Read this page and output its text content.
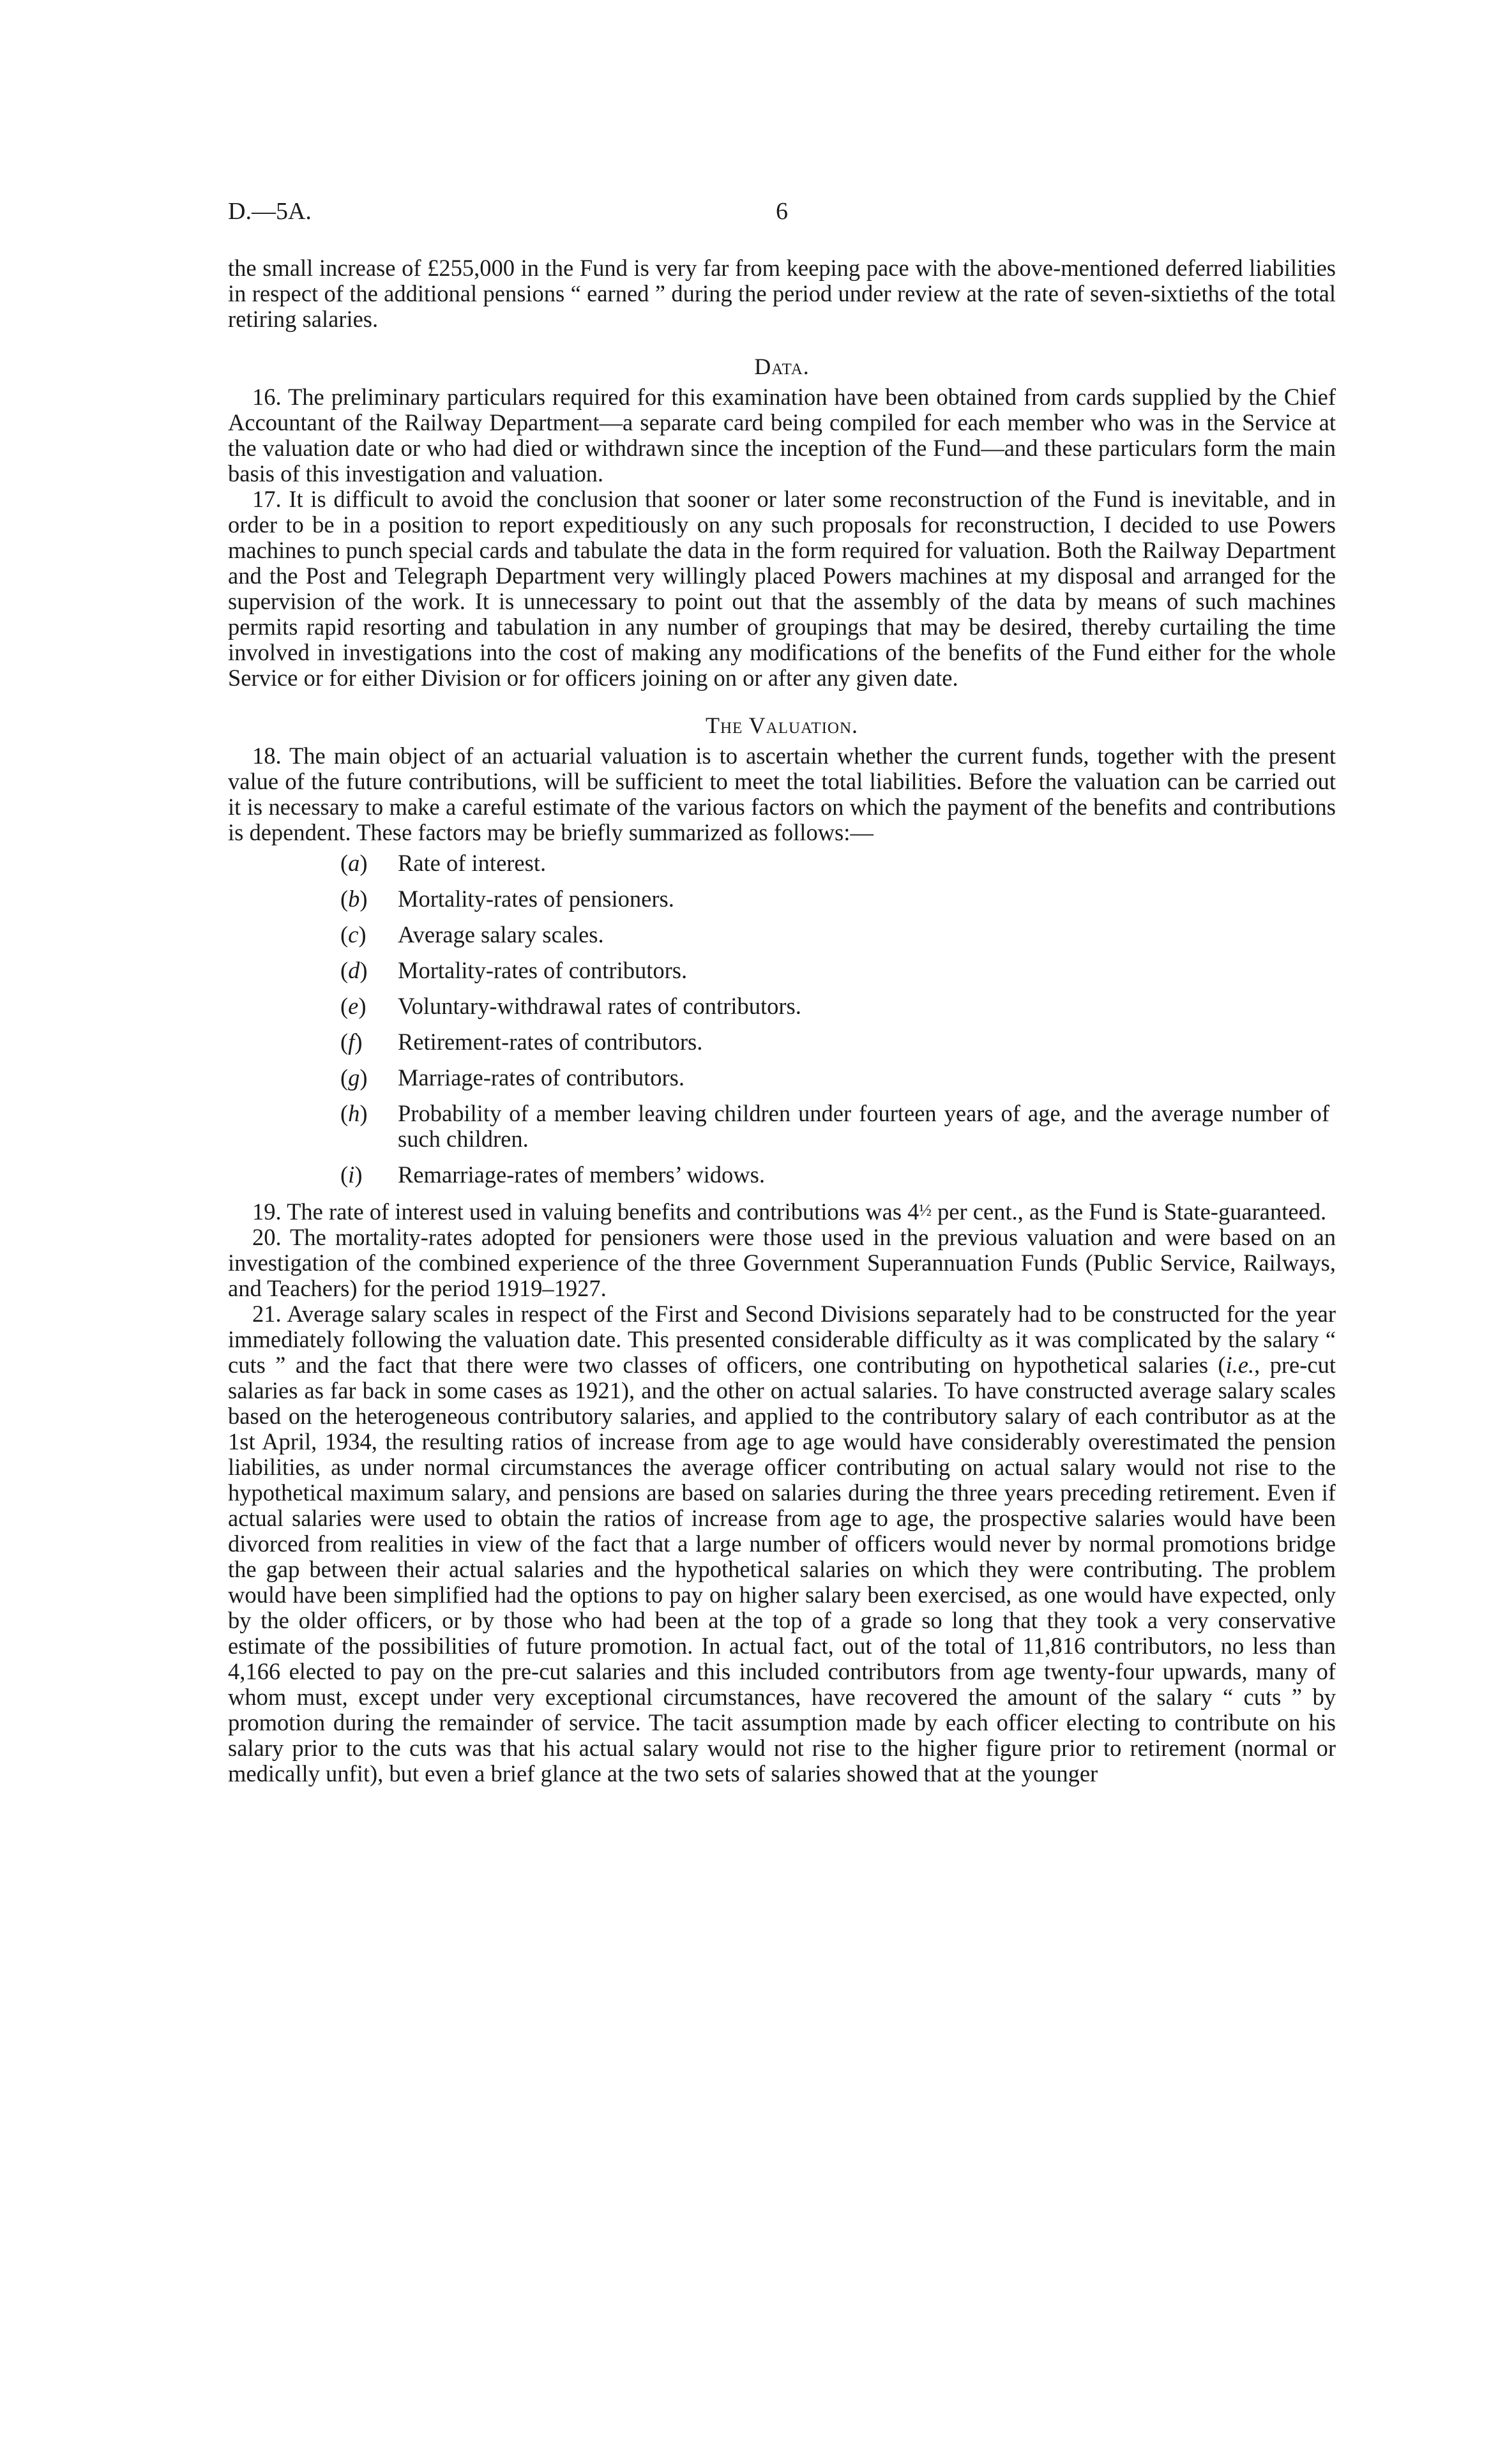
D.—5A.	6

the small increase of £255,000 in the Fund is very far from keeping pace with the above-mentioned deferred liabilities in respect of the additional pensions “ earned ” during the period under review at the rate of seven-sixtieths of the total retiring salaries.

Data.

16. The preliminary particulars required for this examination have been obtained from cards supplied by the Chief Accountant of the Railway Department—a separate card being compiled for each member who was in the Service at the valuation date or who had died or withdrawn since the inception of the Fund—and these particulars form the main basis of this investigation and valuation.

17. It is difficult to avoid the conclusion that sooner or later some reconstruction of the Fund is inevitable, and in order to be in a position to report expeditiously on any such proposals for reconstruction, I decided to use Powers machines to punch special cards and tabulate the data in the form required for valuation. Both the Railway Department and the Post and Telegraph Department very willingly placed Powers machines at my disposal and arranged for the supervision of the work. It is unnecessary to point out that the assembly of the data by means of such machines permits rapid resorting and tabulation in any number of groupings that may be desired, thereby curtailing the time involved in investigations into the cost of making any modifications of the benefits of the Fund either for the whole Service or for either Division or for officers joining on or after any given date.

The Valuation.

18. The main object of an actuarial valuation is to ascertain whether the current funds, together with the present value of the future contributions, will be sufficient to meet the total liabilities. Before the valuation can be carried out it is necessary to make a careful estimate of the various factors on which the payment of the benefits and contributions is dependent. These factors may be briefly summarized as follows:—

(a)	Rate of interest.
(b)	Mortality-rates of pensioners.
(c)	Average salary scales.
(d)	Mortality-rates of contributors.
(e)	Voluntary-withdrawal rates of contributors.
(f)	Retirement-rates of contributors.
(g)	Marriage-rates of contributors.
(h)	Probability of a member leaving children under fourteen years of age, and the average number of such children.
(i)	Remarriage-rates of members’ widows.

19. The rate of interest used in valuing benefits and contributions was 4½ per cent., as the Fund is State-guaranteed.

20. The mortality-rates adopted for pensioners were those used in the previous valuation and were based on an investigation of the combined experience of the three Government Superannuation Funds (Public Service, Railways, and Teachers) for the period 1919–1927.

21. Average salary scales in respect of the First and Second Divisions separately had to be constructed for the year immediately following the valuation date. This presented considerable difficulty as it was complicated by the salary “ cuts ” and the fact that there were two classes of officers, one contributing on hypothetical salaries (i.e., pre-cut salaries as far back in some cases as 1921), and the other on actual salaries. To have constructed average salary scales based on the heterogeneous contributory salaries, and applied to the contributory salary of each contributor as at the 1st April, 1934, the resulting ratios of increase from age to age would have considerably overestimated the pension liabilities, as under normal circumstances the average officer contributing on actual salary would not rise to the hypothetical maximum salary, and pensions are based on salaries during the three years preceding retirement. Even if actual salaries were used to obtain the ratios of increase from age to age, the prospective salaries would have been divorced from realities in view of the fact that a large number of officers would never by normal promotions bridge the gap between their actual salaries and the hypothetical salaries on which they were contributing. The problem would have been simplified had the options to pay on higher salary been exercised, as one would have expected, only by the older officers, or by those who had been at the top of a grade so long that they took a very conservative estimate of the possibilities of future promotion. In actual fact, out of the total of 11,816 contributors, no less than 4,166 elected to pay on the pre-cut salaries and this included contributors from age twenty-four upwards, many of whom must, except under very exceptional circumstances, have recovered the amount of the salary “ cuts ” by promotion during the remainder of service. The tacit assumption made by each officer electing to contribute on his salary prior to the cuts was that his actual salary would not rise to the higher figure prior to retirement (normal or medically unfit), but even a brief glance at the two sets of salaries showed that at the younger
